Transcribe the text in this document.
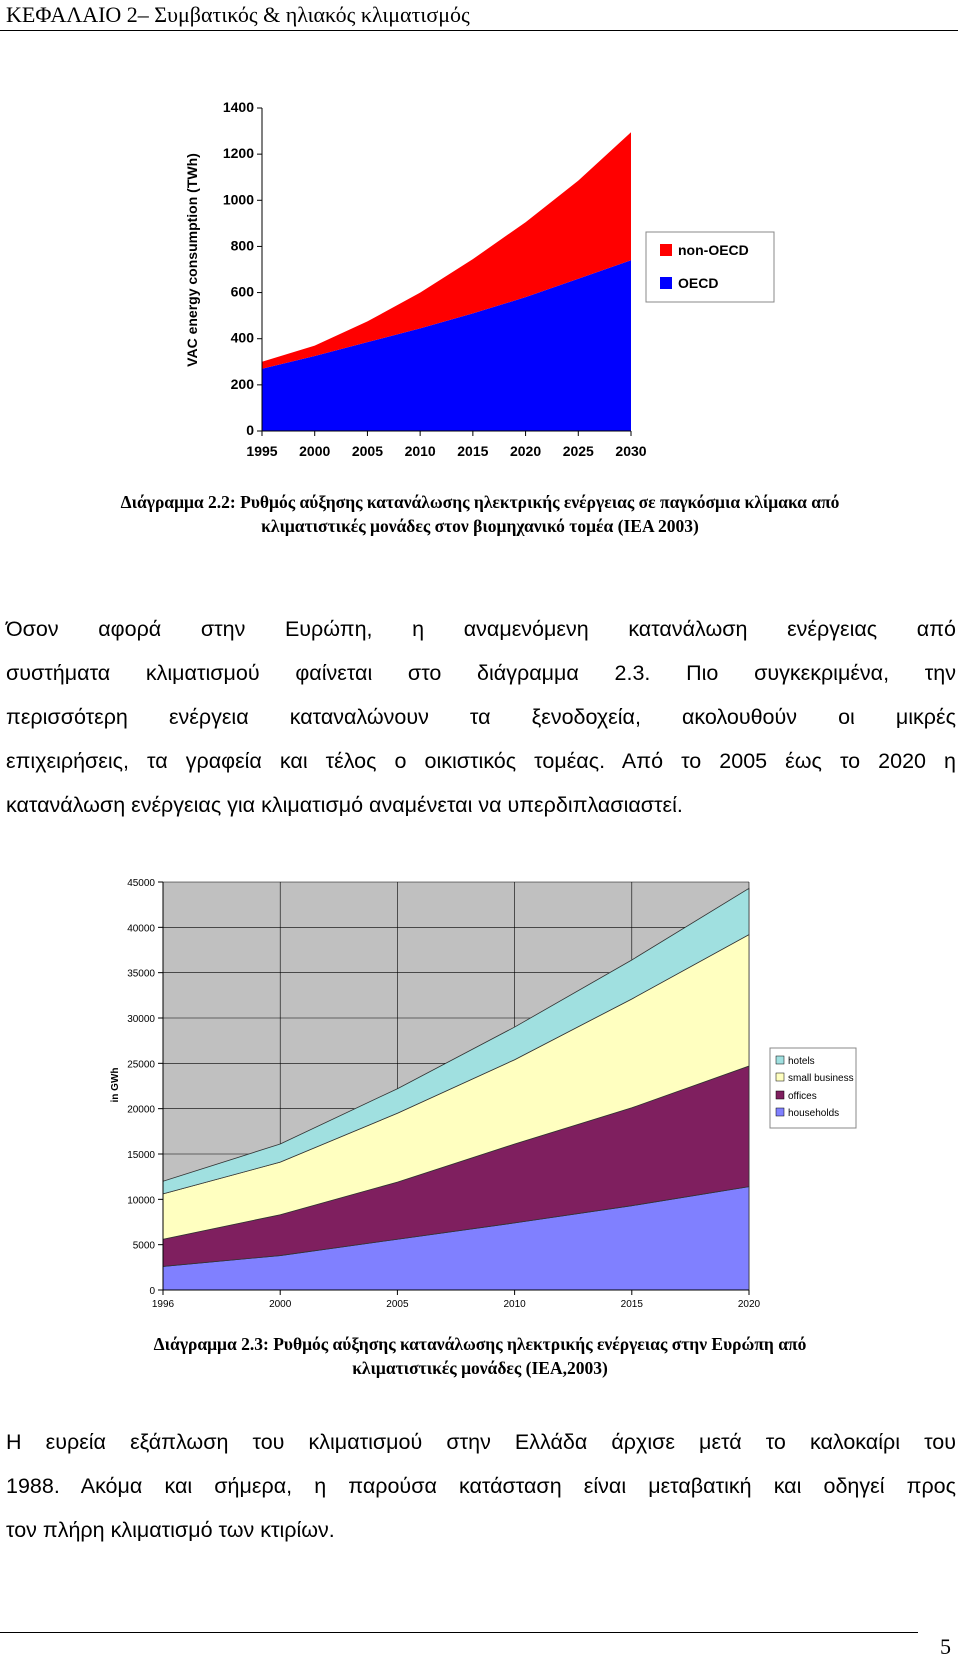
ΚΕΦΑΛΑΙΟ 2– Συμβατικός & ηλιακός κλιματισμός
0
200
400
600
800
1000
1200
1400
1995 2000 2005 2010 2015 2020 2025 2030
VAC energy consumption (TWh)	non-OECD
OECD
Διάγραμμα 2.2: Ρυθμός αύξησης κατανάλωσης ηλεκτρικής ενέργειας σε παγκόσμια κλίμακα από
κλιματιστικές μονάδες στον βιομηχανικό τομέα (IEA 2003)
Όσον αφορά στην Ευρώπη, η αναμενόμενη κατανάλωση ενέργειας από
συστήματα κλιματισμού φαίνεται στο διάγραμμα 2.3. Πιο συγκεκριμένα, την
περισσότερη ενέργεια καταναλώνουν τα ξενοδοχεία, ακολουθούν οι μικρές
επιχειρήσεις, τα γραφεία και τέλος ο οικιστικός τομέας. Από το 2005 έως το 2020 η
κατανάλωση ενέργειας για κλιματισμό αναμένεται να υπερδιπλασιαστεί.
0
5000
10000
15000
20000
25000
30000
35000
40000
45000
1996	2000	2005	2010	2015	2020
in GWh
hotels
small business
offices
households
Διάγραμμα 2.3: Ρυθμός αύξησης κατανάλωσης ηλεκτρικής ενέργειας στην Ευρώπη από
κλιματιστικές μονάδες (IEA,2003)
Η ευρεία εξάπλωση του κλιματισμού στην Ελλάδα άρχισε μετά το καλοκαίρι του
1988. Ακόμα και σήμερα, η παρούσα κατάσταση είναι μεταβατική και οδηγεί προς
τον πλήρη κλιματισμό των κτιρίων.
5
